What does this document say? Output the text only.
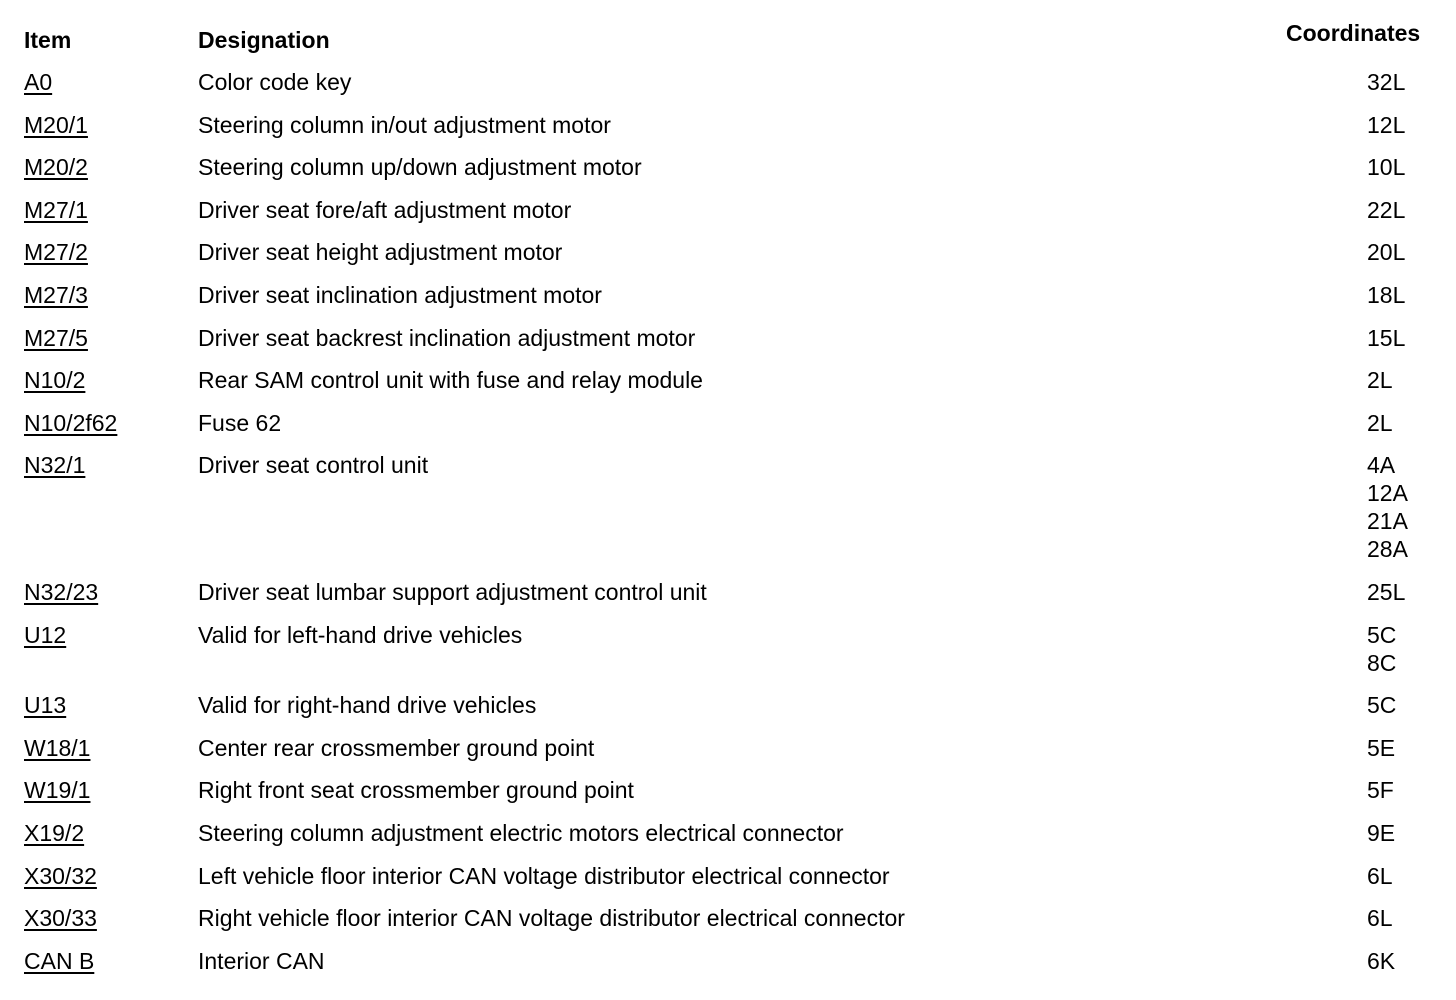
Item	Designation	Coordinates
A0	Color code key	32L
M20/1	Steering column in/out adjustment motor	12L
M20/2	Steering column up/down adjustment motor	10L
M27/1	Driver seat fore/aft adjustment motor	22L
M27/2	Driver seat height adjustment motor	20L
M27/3	Driver seat inclination adjustment motor	18L
M27/5	Driver seat backrest inclination adjustment motor	15L
N10/2	Rear SAM control unit with fuse and relay module	2L
N10/2f62	Fuse 62	2L
N32/1	Driver seat control unit	4A
12A
21A
28A
N32/23	Driver seat lumbar support adjustment control unit	25L
U12	Valid for left-hand drive vehicles	5C
8C
U13	Valid for right-hand drive vehicles	5C
W18/1	Center rear crossmember ground point	5E
W19/1	Right front seat crossmember ground point	5F
X19/2	Steering column adjustment electric motors electrical connector	9E
X30/32	Left vehicle floor interior CAN voltage distributor electrical connector	6L
X30/33	Right vehicle floor interior CAN voltage distributor electrical connector	6L
CAN B	Interior CAN	6K
